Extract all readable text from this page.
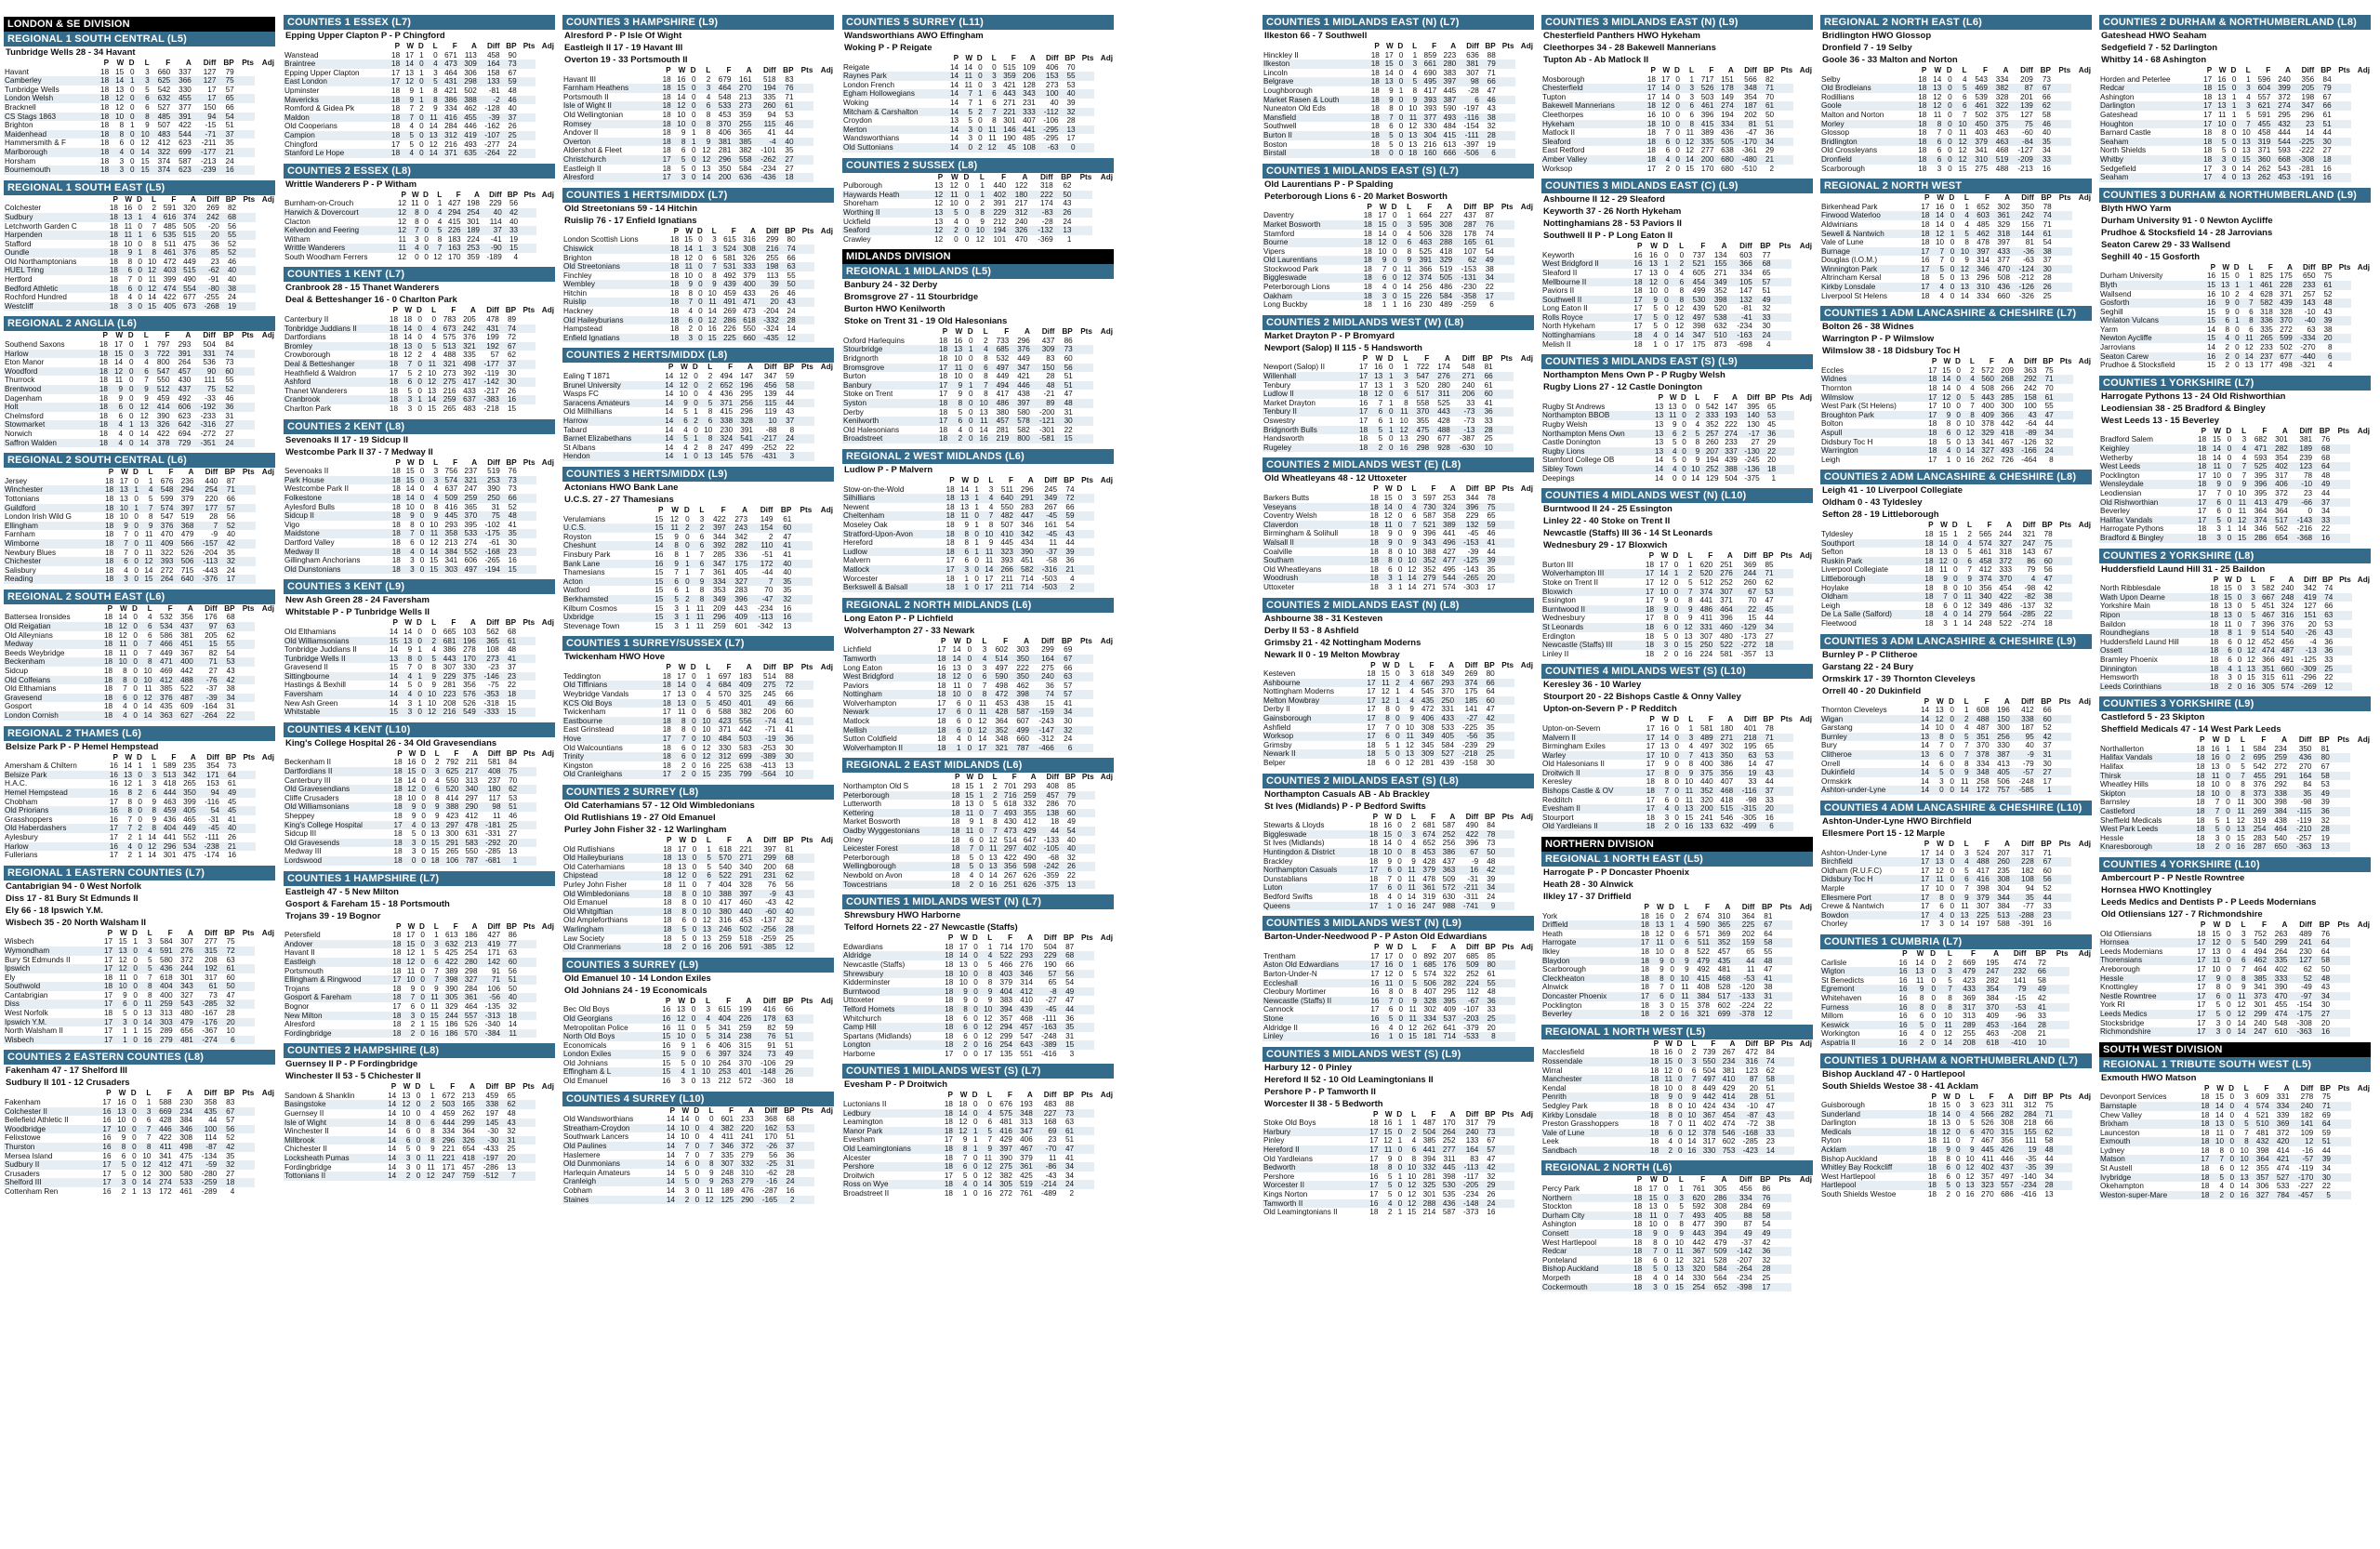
LONDON & SE DIVISION
REGIONAL 1 SOUTH CENTRAL (L5)
Tunbridge Wells 28 - 34 Havant
	P	W	D	L	F	A	Diff	BP	Pts	Adj
Havant	18	15	0	3	660	337	127	79		
Camberley	18	14	1	3	625	366	127	75		
Tunbridge Wells	18	13	0	5	542	330	17	57		
London Welsh	18	12	0	6	632	455	17	65		
Bracknell	18	12	0	6	527	377	150	66		
CS Stags 1863	18	10	0	8	485	391	94	54		
Brighton	18	8	1	9	507	422	-15	51		
Maidenhead	18	8	0	10	483	544	-71	37		
Hammersmith & F	18	6	0	12	412	623	-211	35		
Marlborough	18	4	0	14	322	699	-177	21		
Horsham	18	3	0	15	374	587	-213	24		
Bournemouth	18	3	0	15	374	623	-239	16		
REGIONAL 1 SOUTH EAST (L5)
	P	W	D	L	F	A	Diff	BP	Pts	Adj
Colchester	18	16	0	2	591	320	269	82		
Sudbury	18	13	1	4	616	374	242	68		
Letchworth Garden C	18	11	0	7	485	505	-20	56		
Harpenden	18	11	1	6	535	515	20	55		
Stafford	18	10	0	8	511	475	36	52		
Oundle	18	9	1	8	461	376	85	52		
Old Northamptonians	18	8	0	10	472	449	23	46		
HUEL Tring	18	6	0	12	403	515	-62	40		
Hertford	18	7	0	11	399	490	-91	40		
Bedford Athletic	18	6	0	12	474	554	-80	38		
Rochford Hundred	18	4	0	14	422	677	-255	24		
Westcliff	18	3	0	15	405	673	-268	19		
REGIONAL 2 ANGLIA (L6)
	P	W	D	L	F	A	Diff	BP	Pts	Adj
Southend Saxons	18	17	0	1	797	293	504	84		
Harlow	18	15	0	3	722	391	331	74		
Eton Manor	18	14	0	4	800	264	536	73		
Woodford	18	12	0	6	547	457	90	60		
Thurrock	18	11	0	7	550	430	111	55		
Brentwood	18	9	0	9	512	437	75	52		
Dagenham	18	9	0	9	459	492	-33	46		
Holt	18	6	0	12	414	606	-192	36		
Chelmsford	18	6	0	12	390	623	-233	31		
Stowmarket	18	4	1	13	326	642	-316	27		
Norwich	18	4	0	14	422	694	-272	27		
Saffron Walden	18	4	0	14	378	729	-351	24		
REGIONAL 2 SOUTH CENTRAL (L6)
	P	W	D	L	F	A	Diff	BP	Pts	Adj
Jersey	18	17	0	1	676	236	440	87		
Winchester	18	13	1	4	548	294	254	71		
Tottonians	18	13	0	5	599	379	220	66		
Guildford	18	10	1	7	574	397	177	57		
London Irish Wild G	18	10	0	8	547	519	28	56		
Ellingham	18	9	0	9	376	368	7	52		
Farnham	18	7	0	11	470	479	-9	40		
Wimborne	18	7	0	11	409	566	-157	42		
Newbury Blues	18	7	0	11	322	526	-204	35		
Chichester	18	6	0	12	393	506	-113	32		
Salisbury	18	4	0	14	272	715	-443	24		
Reading	18	3	0	15	264	640	-376	17		
REGIONAL 2 SOUTH EAST (L6)
	P	W	D	L	F	A	Diff	BP	Pts	Adj
Battersea Ironsides	18	14	0	4	532	356	176	68		
Old Reigatian	18	12	0	6	534	437	97	63		
Old Alleynians	18	12	0	6	586	381	205	62		
Medway	18	11	0	7	466	451	15	55		
Beeds Weybridge	18	11	0	7	449	367	82	54		
Beckenham	18	10	0	8	471	400	71	53		
Sidcup	18	8	0	10	469	442	27	43		
Old Colfeians	18	8	0	10	412	488	-76	42		
Old Elthamians	18	7	0	11	385	522	-37	38		
Gravesend	18	6	0	12	376	487	-39	34		
Gosport	18	4	0	14	435	609	-164	31		
London Cornish	18	4	0	14	363	627	-264	22		
REGIONAL 2 THAMES (L6)
Belsize Park P - P Hemel Hempstead
	P	W	D	L	F	A	Diff	BP	Pts	Adj
Amersham & Chiltern	16	14	1	1	589	235	354	73		
Belsize Park	16	13	0	3	513	342	171	64		
H.A.C.	16	12	1	3	418	265	153	61		
Hemel Hempstead	16	8	2	6	444	350	94	49		
Chobham	17	8	0	9	463	399	-116	45		
Old Priorians	16	8	0	8	459	405	54	45		
Grasshoppers	16	7	0	9	436	465	-31	41		
Old Haberdashers	17	7	2	8	404	449	-45	40		
Aylesbury	17	2	1	14	441	552	-111	26		
Harlow	16	4	0	12	296	534	-238	21		
Fullerians	17	2	1	14	301	475	-174	16		
REGIONAL 1 EASTERN COUNTIES (L7)
Cantabrigian 94 - 0 West Norfolk
Diss 17 - 81 Bury St Edmunds II
Ely 66 - 18 Ipswich Y.M.
Wisbech 35 - 20 North Walsham II
	P	W	D	L	F	A	Diff	BP	Pts	Adj
Wisbech	17	15	1	3	584	307	277	75		
Wymondham	17	13	0	4	591	276	315	72		
Bury St Edmunds II	17	12	0	5	580	372	208	63		
Ipswich	17	12	0	5	436	244	192	61		
Ely	18	11	0	7	618	301	317	60		
Southwold	18	10	0	8	404	343	61	50		
Cantabrigian	17	9	0	8	400	327	73	47		
Diss	17	6	0	11	259	543	-285	32		
West Norfolk	18	5	0	13	313	480	-167	28		
Ipswich Y.M.	17	3	0	14	303	479	-176	20		
North Walsham II	17	1	1	15	289	656	-367	10		
Wisbech	17	1	0	16	279	481	-274	6		
COUNTIES 2 EASTERN COUNTIES (L8)
Fakenham 47 - 17 Shelford III
Sudbury II 101 - 12 Crusaders
	P	W	D	L	F	A	Diff	BP	Pts	Adj
Fakenham	17	16	0	1	588	230	358	83		
Colchester II	16	13	0	3	669	234	435	67		
Bellefield Athletic II	16	10	0	6	428	384	44	57		
Woodbridge	17	10	0	7	446	346	100	56		
Felixstowe	16	9	0	7	422	308	114	52		
Thurston	16	8	0	8	411	498	-87	42		
Mersea Island	16	6	0	10	341	475	-134	35		
Sudbury II	17	5	0	12	412	471	-59	32		
Crusaders	17	5	0	12	300	580	-280	27		
Shelford III	17	3	0	14	274	533	-259	18		
Cottenham Ren	16	2	1	13	172	461	-289	4		
COUNTIES 1 ESSEX (L7)
Epping Upper Clapton P - P Chingford
	P	W	D	L	F	A	Diff	BP	Pts	Adj
Wanstead	18	17	1	0	671	113	458	90		
Braintree	18	14	0	4	473	309	164	73		
Epping Upper Clapton	17	13	1	3	464	306	158	67		
East London	17	12	0	5	431	298	133	59		
Upminster	18	9	1	8	421	502	-81	48		
Mavericks	18	9	1	8	386	388	-2	46		
Romford & Gidea Pk	18	7	2	9	334	462	-128	40		
Maldon	18	7	0	11	416	455	-39	37		
Old Cooperians	18	4	0	14	284	446	-162	26		
Campion	18	5	0	13	312	419	-107	25		
Chingford	17	5	0	12	216	493	-277	24		
Stanford Le Hope	18	4	0	14	371	635	-264	22		
COUNTIES 2 ESSEX (L8)
Writtle Wanderers P - P Witham
	P	W	D	L	F	A	Diff	BP	Pts	Adj
Burnham-on-Crouch	12	11	0	1	427	198	229	56		
Harwich & Dovercourt	12	8	0	4	294	254	40	42		
Clacton	12	8	0	4	415	301	114	40		
Kelvedon and Feering	12	7	0	5	226	189	37	33		
Witham	11	3	0	8	183	224	-41	19		
Writtle Wanderers	11	4	0	7	163	253	-90	15		
South Woodham Ferrers	12	0	0	12	170	359	-189	4		
COUNTIES 1 KENT (L7)
Cranbrook 28 - 15 Thanet Wanderers
Deal & Betteshanger 16 - 0 Charlton Park
	P	W	D	L	F	A	Diff	BP	Pts	Adj
Canterbury II	18	18	0	0	783	205	478	89		
Tonbridge Juddians II	18	14	0	4	673	242	431	74		
Dartfordians	18	14	0	4	575	376	199	72		
Bromley	18	13	0	5	513	321	192	67		
Crowborough	18	12	2	4	488	335	57	62		
Deal & Betteshanger	18	7	0	11	321	498	-177	37		
Heathfield & Waldron	17	5	2	10	273	392	-119	30		
Ashford	18	6	0	12	275	417	-142	30		
Thanet Wanderers	18	5	0	13	216	433	-217	26		
Cranbrook	18	3	1	14	259	637	-383	16		
Charlton Park	18	3	0	15	265	483	-218	15		
COUNTIES 2 KENT (L8)
Sevenoaks II 17 - 19 Sidcup II
Westcombe Park II 37 - 7 Medway II
	P	W	D	L	F	A	Diff	BP	Pts	Adj
Sevenoaks II	18	15	0	3	756	237	519	76		
Park House	18	15	0	3	574	321	253	73		
Westcombe Park II	18	14	0	4	637	247	390	73		
Folkestone	18	14	0	4	509	259	250	66		
Aylesford Bulls	18	10	0	8	416	365	31	52		
Sidcup II	18	9	0	9	445	370	75	48		
Vigo	18	8	0	10	293	395	-102	41		
Maidstone	18	7	0	11	358	533	-175	35		
Dartford Valley	18	6	0	12	213	274	-61	30		
Medway II	18	4	0	14	384	552	-168	23		
Gillingham Anchorians	18	3	0	15	341	606	-265	16		
Old Dunstonians	18	3	0	15	303	497	-194	15		
COUNTIES 3 KENT (L9)
New Ash Green 28 - 24 Faversham
Whitstable P - P Tunbridge Wells II
	P	W	D	L	F	A	Diff	BP	Pts	Adj
Old Elthamians	14	14	0	0	665	103	562	68		
Old Williamsonians	15	13	0	2	681	196	365	61		
Tonbridge Juddians II	14	9	1	4	386	278	108	48		
Tunbridge Wells II	13	8	0	5	443	170	273	41		
Gravesend II	15	7	0	8	307	330	-23	37		
Sittingbourne	14	4	1	9	229	375	-146	23		
Hastings & Bexhill	14	5	0	9	281	356	-75	22		
Faversham	14	4	0	10	223	576	-353	18		
New Ash Green	14	3	1	10	208	526	-318	15		
Whitstable	15	3	0	12	216	549	-333	15		
COUNTIES 4 KENT (L10)
King's College Hospital 26 - 34 Old Gravesendians
	P	W	D	L	F	A	Diff	BP	Pts	Adj
Beckenham II	18	16	0	2	792	211	581	84		
Dartfordians II	18	15	0	3	625	217	408	75		
Canterbury III	18	14	0	4	550	313	237	70		
Old Gravesendians	18	12	0	6	520	340	180	62		
Cliffe Crusaders	18	10	0	8	414	297	117	53		
Old Williamsonians	18	9	0	9	388	290	98	51		
Sheppey	18	9	0	9	423	412	11	46		
King's College Hospital	17	4	0	13	297	478	-181	25		
Sidcup III	18	5	0	13	300	631	-331	27		
Old Gravesends	18	3	0	15	291	583	-292	20		
Medway III	18	3	0	15	265	550	-285	13		
Lordswood	18	0	0	18	106	787	-681	1		
COUNTIES 1 HAMPSHIRE (L7)
Eastleigh 47 - 5 New Milton
Gosport & Fareham 15 - 18 Portsmouth
Trojans 39 - 19 Bognor
	P	W	D	L	F	A	Diff	BP	Pts	Adj
Petersfield	18	17	0	1	613	186	427	86		
Andover	18	15	0	3	632	213	419	77		
Havant II	18	12	1	5	425	254	171	63		
Eastleigh	18	12	0	6	422	280	142	60		
Portsmouth	18	11	0	7	389	298	91	56		
Ellingham & Ringwood	17	10	0	7	398	327	71	51		
Trojans	18	9	0	9	390	284	106	50		
Gosport & Fareham	18	7	0	11	305	361	-56	40		
Bognor	17	6	0	11	329	464	-135	32		
New Milton	18	3	0	15	244	557	-313	18		
Alresford	18	2	1	15	186	526	-340	14		
Fordingbridge	18	2	0	16	186	570	-384	11		
COUNTIES 2 HAMPSHIRE (L8)
Guernsey II P - P Fordingbridge
Winchester II 53 - 5 Chichester II
	P	W	D	L	F	A	Diff	BP	Pts	Adj
Sandown & Shanklin	14	13	0	1	672	213	459	65		
Basingstoke	14	12	0	2	503	165	338	62		
Guernsey II	14	10	0	4	459	262	197	48		
Isle of Wight	14	8	0	6	444	299	145	43		
Winchester II	14	6	0	8	334	364	-30	32		
Millbrook	14	6	0	8	296	326	-30	31		
Chichester II	14	5	0	9	221	654	-433	25		
Locksheath Pumas	14	3	0	11	221	418	-197	20		
Fordingbridge	14	3	0	11	171	457	-286	13		
Tottonians II	14	2	0	12	247	759	-512	7		
COUNTIES 3 HAMPSHIRE (L9)
Alresford P - P Isle Of Wight
Eastleigh II 17 - 19 Havant III
Overton 19 - 33 Portsmouth II
	P	W	D	L	F	A	Diff	BP	Pts	Adj
Havant III	18	16	0	2	679	161	518	83		
Farnham Heathens	18	15	0	3	464	270	194	76		
Portsmouth II	18	14	0	4	548	213	335	71		
Isle of Wight II	18	12	0	6	533	273	260	61		
Old Wellingtonian	18	10	0	8	453	359	94	53		
Romsey	18	10	0	8	370	255	115	46		
Andover II	18	9	1	8	406	365	41	44		
Overton	18	8	1	9	381	385	-4	40		
Aldershot & Fleet	18	6	0	12	281	382	-101	35		
Christchurch	17	5	0	12	296	558	-262	27		
Eastleigh II	18	5	0	13	350	584	-234	27		
Alresford	17	3	0	14	200	636	-436	18		
COUNTIES 1 HERTS/MIDDX (L7)
Old Streetonians 59 - 14 Hitchin
Ruislip 76 - 17 Enfield Ignatians
	P	W	D	L	F	A	Diff	BP	Pts	Adj
London Scottish Lions	18	15	0	3	615	316	299	80		
Chiswick	18	14	1	3	524	308	216	74		
Brighton	18	12	0	6	581	326	255	66		
Old Streetonians	18	11	0	7	531	333	198	63		
Finchley	18	10	0	8	492	379	113	55		
Wembley	18	9	0	9	439	400	39	50		
Hitchin	18	8	0	10	459	433	26	46		
Ruislip	18	7	0	11	491	471	20	43		
Hackney	18	4	0	14	269	473	-204	24		
Old Haileyburians	18	6	0	12	286	618	-332	28		
Hampstead	18	2	0	16	226	550	-324	14		
Enfield Ignatians	18	3	0	15	225	660	-435	12		
COUNTIES 2 HERTS/MIDDX (L8)
	P	W	D	L	F	A	Diff	BP	Pts	Adj
Ealing T 1871	14	12	0	2	494	147	347	59		
Brunel University	14	12	0	2	652	196	456	58		
Wasps FC	14	10	0	4	436	295	139	44		
Saracens Amateurs	14	9	0	5	371	256	115	44		
Old Millhillians	14	5	1	8	415	296	119	43		
Harrow	14	6	2	6	338	328	10	37		
Tabard	14	4	0	10	230	391	-88	8		
Barnet Elizabethans	14	5	1	8	324	541	-217	24		
St Albans	14	4	2	8	247	499	-252	22		
Hendon	14	1	0	13	145	576	-431	3		
COUNTIES 3 HERTS/MIDDX (L9)
Actonians HWO Bank Lane
U.C.S. 27 - 27 Thamesians
	P	W	D	L	F	A	Diff	BP	Pts	Adj
Verulamians	15	12	0	3	422	273	149	61		
U.C.S.	15	11	2	2	397	243	154	60		
Royston	15	9	0	6	344	342	2	47		
Cheshunt	14	8	0	6	392	282	110	41		
Finsbury Park	16	8	1	7	285	336	-51	41		
Bank Lane	16	9	1	6	347	175	172	40		
Thamesians	15	7	1	7	361	405	-44	40		
Acton	15	6	0	9	334	327	7	35		
Watford	15	6	1	8	353	283	70	35		
Berkhamsted	15	5	2	8	349	396	-47	32		
Kilburn Cosmos	15	3	1	11	209	443	-234	16		
Uxbridge	15	3	1	11	296	409	-113	16		
Stevenage Town	15	3	1	11	259	601	-342	13		
COUNTIES 1 SURREY/SUSSEX (L7)
Twickenham HWO Hove
	P	W	D	L	F	A	Diff	BP	Pts	Adj
Teddington	18	17	0	1	697	183	514	88		
Old Tiffinians	18	14	0	4	684	409	275	72		
Weybridge Vandals	17	13	0	4	570	325	245	66		
KCS Old Boys	18	13	0	5	450	401	49	66		
Twickenham	17	11	0	6	588	382	206	60		
Eastbourne	18	8	0	10	423	556	-74	41		
East Grinstead	18	8	0	10	371	442	-71	41		
Hove	17	7	0	10	484	503	-19	36		
Old Walcountians	18	6	0	12	330	583	-253	30		
Trinity	18	6	0	12	312	699	-389	30		
Kingston	18	2	0	16	225	638	-413	13		
Old Cranleighans	17	2	0	15	235	799	-564	10		
COUNTIES 2 SURREY (L8)
Old Caterhamians 57 - 12 Old Wimbledonians
Old Rutlishians 19 - 27 Old Emanuel
Purley John Fisher 32 - 12 Warlingham
	P	W	D	L	F	A	Diff	BP	Pts	Adj
Old Rutlishians	18	17	0	1	618	221	397	81		
Old Haileyburians	18	13	0	5	570	271	299	68		
Old Caterhamians	18	13	0	5	540	340	200	68		
Chipstead	18	12	0	6	522	291	231	62		
Purley John Fisher	18	11	0	7	404	328	76	56		
Old Wimbledonians	18	8	0	10	388	397	-9	43		
Old Emanuel	18	8	0	10	417	460	-43	42		
Old Whitgiftian	18	8	0	10	380	440	-60	40		
Old Ampleforthians	18	6	0	12	316	453	-137	32		
Warlingham	18	5	0	13	246	502	-256	28		
Law Society	18	5	0	13	259	518	-259	25		
Old Cranmerians	18	2	0	16	206	591	-385	12		
COUNTIES 3 SURREY (L9)
Old Emanuel 10 - 14 London Exiles
Old Johnians 24 - 19 Economicals
	P	W	D	L	F	A	Diff	BP	Pts	Adj
Bec Old Boys	16	13	0	3	615	199	416	66		
Old Georgians	16	12	0	4	404	226	178	63		
Metropolitan Police	16	11	0	5	341	259	82	59		
North Old Boys	15	10	0	5	314	238	76	51		
Economicals	16	9	1	6	406	315	91	51		
London Exiles	15	9	0	6	397	324	73	49		
Old Johnians	15	5	0	10	264	370	-106	29		
Effingham & L	15	4	1	10	253	401	-148	26		
Old Emanuel	16	3	0	13	212	572	-360	18		
COUNTIES 4 SURREY (L10)
	P	W	D	L	F	A	Diff	BP	Pts	Adj
Old Wandsworthians	14	14	0	0	601	233	368	68		
Streatham-Croydon	14	10	0	4	382	220	162	53		
Southwark Lancers	14	10	0	4	411	241	170	51		
Old Paulines	14	7	0	7	346	372	-26	37		
Haslemere	14	7	0	7	335	279	56	36		
Old Dunmonians	14	6	0	8	307	332	-25	31		
Harlequin Amateurs	14	5	0	9	248	310	-62	28		
Cranleigh	14	5	0	9	263	279	-16	24		
Cobham	14	3	0	11	189	476	-287	16		
Staines	14	2	0	12	125	290	-165	2		
COUNTIES 5 SURREY (L11)
Wandsworthians AWO Effingham
Woking P - P Reigate
	P	W	D	L	F	A	Diff	BP	Pts	Adj
Reigate	14	14	0	0	515	109	406	70		
Raynes Park	14	11	0	3	359	206	153	55		
London French	14	11	0	3	421	128	273	53		
Egham Hollowegians	14	7	1	6	443	343	100	40		
Woking	14	7	1	6	271	231	40	39		
Mitcham & Carshalton	14	5	2	7	221	333	-112	32		
Croydon	13	5	0	8	301	407	-106	28		
Merton	14	3	0	11	146	441	-295	13		
Wandsworthians	14	3	0	11	190	485	-295	17		
Old Suttonians	14	0	2	12	45	108	-63	0		
COUNTIES 2 SUSSEX (L8)
	P	W	D	L	F	A	Diff	BP	Pts	Adj
Pulborough	13	12	0	1	440	122	318	62		
Haywards Heath	12	11	0	1	402	180	222	50		
Shoreham	12	10	0	2	391	217	174	43		
Worthing II	13	5	0	8	229	312	-83	26		
Uckfield	13	4	0	9	212	240	-28	24		
Seaford	12	2	0	10	194	326	-132	13		
Crawley	12	0	0	12	101	470	-369	1		
MIDLANDS DIVISION
REGIONAL 1 MIDLANDS (L5)
Banbury 24 - 32 Derby
Bromsgrove 27 - 11 Stourbridge
Burton HWO Kenilworth
Stoke on Trent 31 - 19 Old Halesonians
	P	W	D	L	F	A	Diff	BP	Pts	Adj
Oxford Harlequins	18	16	0	2	733	296	437	86		
Stourbridge	18	13	1	4	685	376	309	73		
Bridgnorth	18	10	0	8	532	449	83	60		
Bromsgrove	17	11	0	6	497	347	150	56		
Burton	18	10	0	8	449	421	28	51		
Banbury	17	9	1	7	494	446	48	51		
Stoke on Trent	17	9	0	8	417	438	-21	47		
Syston	18	8	0	10	486	397	89	48		
Derby	18	5	0	13	380	580	-200	31		
Kenilworth	17	6	0	11	457	578	-121	30		
Old Halesonians	18	4	0	14	281	582	-301	22		
Broadstreet	18	2	0	16	219	800	-581	15		
REGIONAL 2 WEST MIDLANDS (L6)
Ludlow P - P Malvern
	P	W	D	L	F	A	Diff	BP	Pts	Adj
Stow-on-the-Wold	18	14	1	3	511	296	245	74		
Silhillians	18	13	1	4	640	291	349	72		
Newent	18	13	1	4	550	283	267	66		
Cheltenham	18	11	0	7	482	447	-45	59		
Moseley Oak	18	9	1	8	507	346	161	54		
Stratford-Upon-Avon	18	8	0	10	410	342	-45	43		
Hereford	18	8	1	9	445	434	11	44		
Ludlow	18	6	1	11	323	390	-37	39		
Malvern	17	6	0	11	393	451	-58	36		
Matlock	17	3	0	14	266	582	-316	21		
Worcester	18	1	0	17	211	714	-503	4		
Berkswell & Balsall	18	1	0	17	211	714	-503	2		
REGIONAL 2 NORTH MIDLANDS (L6)
Long Eaton P - P Lichfield
Wolverhampton 27 - 33 Newark
	P	W	D	L	F	A	Diff	BP	Pts	Adj
Lichfield	17	14	0	3	602	303	299	69		
Tamworth	18	14	0	4	514	350	164	67		
Long Eaton	16	13	0	3	497	222	275	66		
West Bridgford	18	12	0	6	590	350	240	63		
Paviors	18	11	0	7	498	462	36	57		
Nottingham	18	10	0	8	472	398	74	57		
Wolverhampton	17	6	0	11	453	438	15	41		
Newark	17	6	0	11	428	587	-159	34		
Matlock	18	6	0	12	364	607	-243	30		
Mellish	18	6	0	12	352	499	-147	32		
Sutton Coldfield	18	4	0	14	348	660	-312	24		
Wolverhampton II	18	1	0	17	321	787	-466	6		
REGIONAL 2 EAST MIDLANDS (L6)
	P	W	D	L	F	A	Diff	BP	Pts	Adj
Northampton Old S	18	15	1	2	701	293	408	85		
Peterborough	18	15	1	2	716	259	457	79		
Lutterworth	18	13	0	5	618	332	286	70		
Kettering	18	11	0	7	493	355	138	60		
Market Bosworth	18	9	1	8	430	412	18	49		
Oadby Wyggestonians	18	11	0	7	473	429	44	54		
Olney	18	6	0	12	514	647	-133	40		
Leicester Forest	18	7	0	11	297	402	-105	40		
Peterborough	18	5	0	13	422	490	-68	32		
Wellingborough	18	5	0	13	356	598	-242	26		
Newbold on Avon	18	4	0	14	267	626	-359	22		
Towcestrians	18	2	0	16	251	626	-375	13		
COUNTIES 1 MIDLANDS WEST (N) (L7)
Shrewsbury HWO Harborne
Telford Hornets 22 - 27 Newcastle (Staffs)
	P	W	D	L	F	A	Diff	BP	Pts	Adj
Edwardians	18	17	0	1	714	170	504	87		
Aldridge	18	14	0	4	522	293	229	68		
Newcastle (Staffs)	18	13	0	5	466	276	190	66		
Shrewsbury	18	10	0	8	403	346	57	56		
Kidderminster	18	10	0	8	379	314	65	54		
Burntwood	18	9	0	9	404	412	-8	49		
Uttoxeter	18	9	0	9	383	410	-27	47		
Telford Hornets	18	8	0	10	394	439	-45	44		
Whitchurch	18	6	0	12	357	468	-111	36		
Camp Hill	18	6	0	12	294	457	-163	35		
Spartans (Midlands)	18	6	0	12	299	547	-248	31		
Longton	18	2	0	16	254	643	-389	15		
Harborne	17	0	0	17	135	551	-416	3		
COUNTIES 1 MIDLANDS WEST (S) (L7)
Evesham P - P Droitwich
	P	W	D	L	F	A	Diff	BP	Pts	Adj
Luctonians II	18	18	0	0	676	193	483	88		
Ledbury	18	14	0	4	575	348	227	73		
Leamington	18	12	0	6	481	313	168	63		
Manor Park	18	12	1	5	416	347	69	61		
Evesham	17	9	1	7	429	406	23	51		
Old Leamingtonians	18	8	1	9	397	467	-70	47		
Alcester	18	7	0	11	390	379	11	41		
Pershore	18	6	0	12	275	361	-86	34		
Droitwich	17	5	0	12	382	425	-43	34		
Ross on Wye	18	4	0	14	305	519	-214	24		
Broadstreet II	18	1	0	16	272	761	-489	2		
COUNTIES 1 MIDLANDS EAST (N) (L7)
Ilkeston 66 - 7 Southwell
	P	W	D	L	F	A	Diff	BP	Pts	Adj
Hinckley II	18	17	0	1	859	223	636	88		
Ilkeston	18	15	0	3	661	280	381	79		
Lincoln	18	14	0	4	690	383	307	71		
Belgrave	18	13	0	5	495	397	98	66		
Loughborough	18	9	1	8	417	445	-28	47		
Market Rasen & Louth	18	9	0	9	393	387	6	46		
Nuneaton Old Eds	18	8	0	10	393	590	-197	43		
Mansfield	18	7	0	11	377	493	-116	38		
Southwell	18	6	0	12	330	484	-154	32		
Burton II	18	5	0	13	304	415	-111	28		
Boston	18	5	0	13	216	613	-397	19		
Birstall	18	0	0	18	160	666	-506	6		
COUNTIES 1 MIDLANDS EAST (S) (L7)
Old Laurentians P - P Spalding
Peterborough Lions 6 - 20 Market Bosworth
	P	W	D	L	F	A	Diff	BP	Pts	Adj
Daventry	18	17	0	1	664	227	437	87		
Market Bosworth	18	15	0	3	595	308	287	76		
Stamford	18	14	0	4	506	328	178	74		
Bourne	18	12	0	6	463	288	165	61		
Vipers	18	10	0	8	525	418	107	54		
Old Laurentians	18	9	0	9	391	329	62	49		
Stockwood Park	18	7	0	11	366	519	-153	38		
Biggleswade	18	6	0	12	374	505	-131	34		
Peterborough Lions	18	4	0	14	256	486	-230	22		
Oakham	18	3	0	15	226	584	-358	17		
Long Buckby	18	1	1	16	230	489	-259	6		
COUNTIES 2 MIDLANDS WEST (W) (L8)
Market Drayton P - P Bromyard
Newport (Salop) II 115 - 5 Handsworth
	P	W	D	L	F	A	Diff	BP	Pts	Adj
Newport (Salop) II	17	16	0	1	722	174	548	81		
Willenhall	17	13	1	3	547	276	271	66		
Tenbury	17	13	1	3	520	280	240	61		
Ludlow II	18	12	0	6	517	311	206	60		
Market Drayton	16	7	1	8	558	525	33	41		
Tenbury II	17	6	0	11	370	443	-73	36		
Oswestry	17	6	1	10	355	428	-73	33		
Bridgnorth Bulls	18	5	1	12	475	488	-13	28		
Handsworth	18	5	0	13	290	677	-387	25		
Rugeley	18	2	0	16	298	928	-630	10		
COUNTIES 2 MIDLANDS WEST (E) (L8)
Old Wheatleyans 48 - 12 Uttoxeter
	P	W	D	L	F	A	Diff	BP	Pts	Adj
Barkers Butts	18	15	0	3	597	253	344	78		
Veseyans	18	14	0	4	730	324	396	75		
Coventry Welsh	18	12	0	6	587	358	229	65		
Claverdon	18	11	0	7	521	389	132	59		
Birmingham & Solihull	18	9	0	9	396	441	-45	46		
Walsall II	18	9	0	9	343	496	-153	41		
Coalville	18	8	0	10	388	427	-39	44		
Southam	18	8	0	10	352	477	-125	39		
Old Wheatleyans	18	6	0	12	352	495	-143	35		
Woodrush	18	3	1	14	279	544	-265	20		
Uttoxeter	18	3	1	14	271	574	-303	17		
COUNTIES 2 MIDLANDS EAST (N) (L8)
Ashbourne 38 - 31 Kesteven
Derby II 53 - 8 Ashfield
Grimsby 21 - 42 Nottingham Moderns
Newark II 0 - 19 Melton Mowbray
	P	W	D	L	F	A	Diff	BP	Pts	Adj
Kesteven	18	15	0	3	618	349	269	80		
Ashbourne	17	11	2	4	667	293	374	66		
Nottingham Moderns	17	12	1	4	545	370	175	64		
Melton Mowbray	17	12	1	4	435	250	185	60		
Derby II	17	8	0	9	472	331	141	47		
Gainsborough	17	8	0	9	406	433	-27	42		
Ashfield	17	7	0	10	308	533	-225	35		
Worksop	17	6	0	11	349	405	-56	35		
Grimsby	18	5	1	12	345	584	-239	29		
Newark II	18	5	0	13	309	527	-218	25		
Belper	18	6	0	12	281	439	-158	30		
COUNTIES 2 MIDLANDS EAST (S) (L8)
Northampton Casuals AB - Ab Brackley
St Ives (Midlands) P - P Bedford Swifts
	P	W	D	L	F	A	Diff	BP	Pts	Adj
Stewarts & Lloyds	18	16	0	2	681	587	490	84		
Biggleswade	18	15	0	3	674	252	422	78		
St Ives (Midlands)	18	14	0	4	652	256	396	73		
Huntingdon & District	18	10	0	8	453	386	67	50		
Brackley	18	9	0	9	428	437	-9	48		
Northampton Casuals	17	6	0	11	379	363	16	42		
Dunstablians	18	7	0	11	478	509	-31	39		
Luton	17	6	0	11	361	572	-211	34		
Bedford Swifts	18	4	0	14	319	630	-311	24		
Queens	17	1	0	16	247	988	-741	9		
COUNTIES 3 MIDLANDS WEST (N) (L9)
Barton-Under-Needwood P - P Aston Old Edwardians
	P	W	D	L	F	A	Diff	BP	Pts	Adj
Trentham	17	17	0	0	892	207	685	85		
Aston Old Edwardians	17	16	0	1	685	176	509	80		
Barton-Under-N	17	12	0	5	574	322	252	61		
Eccleshall	16	11	0	5	506	282	224	55		
Cleobury Mortimer	16	8	0	8	407	295	112	48		
Newcastle (Staffs) II	16	7	0	9	328	395	-67	36		
Cannock	17	6	0	11	302	409	-107	33		
Stone	16	5	0	11	334	537	-203	25		
Aldridge II	16	4	0	12	262	641	-379	20		
Linley	16	1	0	15	181	714	-533	8		
COUNTIES 3 MIDLANDS WEST (S) (L9)
Harbury 12 - 0 Pinley
Hereford II 52 - 10 Old Leamingtonians II
Pershore P - P Tamworth II
Worcester II 38 - 5 Bedworth
	P	W	D	L	F	A	Diff	BP	Pts	Adj
Stoke Old Boys	18	16	1	1	487	170	317	79		
Harbury	17	15	0	2	504	264	240	73		
Pinley	17	12	1	4	385	252	133	67		
Hereford II	17	11	0	6	441	277	164	57		
Old Yardleians	17	9	0	8	394	311	83	47		
Bedworth	18	8	0	10	332	445	-113	42		
Pershore	16	5	1	10	281	398	-117	32		
Worcester II	17	5	0	12	325	530	-205	29		
Kings Norton	17	5	0	12	301	535	-234	26		
Tamworth II	16	4	0	12	288	436	-148	24		
Old Leamingtonians II	18	2	1	15	214	587	-373	16		
COUNTIES 3 MIDLANDS EAST (N) (L9)
Chesterfield Panthers HWO Hykeham
Cleethorpes 34 - 28 Bakewell Mannerians
Tupton Ab - Ab Matlock II
	P	W	D	L	F	A	Diff	BP	Pts	Adj
Mosborough	18	17	0	1	717	151	566	82		
Chesterfield	17	14	0	3	526	178	348	71		
Tupton	17	14	0	3	503	149	354	70		
Bakewell Mannerians	18	12	0	6	461	274	187	61		
Cleethorpes	16	10	0	6	396	194	202	50		
Hykeham	18	10	0	8	415	334	81	51		
Matlock II	18	7	0	11	389	436	-47	36		
Sleaford	18	6	0	12	335	505	-170	34		
East Retford	18	6	0	12	277	638	-361	29		
Amber Valley	18	4	0	14	200	680	-480	21		
Worksop	17	2	0	15	170	680	-510	2		
COUNTIES 3 MIDLANDS EAST (C) (L9)
Ashbourne II 12 - 29 Sleaford
Keyworth 37 - 26 North Hykeham
Nottinghamians 28 - 53 Paviors II
Southwell II P - P Long Eaton II
	P	W	D	L	F	A	Diff	BP	Pts	Adj
Keyworth	16	16	0	0	737	134	603	77		
West Bridgford II	16	13	1	2	521	155	366	68		
Sleaford II	17	13	0	4	605	271	334	65		
Mellbourne II	18	12	0	6	454	349	105	57		
Paviors II	18	10	0	8	499	352	147	51		
Southwell II	17	9	0	8	530	398	132	49		
Long Eaton II	17	5	0	12	439	520	-81	32		
Rolls Royce	17	5	0	12	497	538	-41	33		
North Hykeham	17	5	0	12	398	632	-234	30		
Nottinghamians	18	4	0	14	347	510	-163	24		
Melish II	18	1	0	17	175	873	-698	4		
COUNTIES 3 MIDLANDS EAST (S) (L9)
Northampton Mens Own P - P Rugby Welsh
Rugby Lions 27 - 12 Castle Donington
	P	W	D	L	F	A	Diff	BP	Pts	Adj
Rugby St Andrews	13	13	0	0	542	147	395	65		
Northampton BBOB	13	11	0	2	333	193	140	53		
Rugby Welsh	13	9	0	4	352	222	130	45		
Northampton Mens Own	13	6	2	5	257	274	-17	36		
Castle Donington	13	5	0	8	260	233	27	29		
Rugby Lions	13	4	0	9	207	337	-130	22		
Stamford College OB	14	5	0	9	194	439	-245	20		
Sibley Town	14	4	0	10	252	388	-136	18		
Deepings	14	0	0	14	129	504	-375	1		
COUNTIES 4 MIDLANDS WEST (N) (L10)
Burntwood II 24 - 25 Essington
Linley 22 - 40 Stoke on Trent II
Newcastle (Staffs) III 36 - 14 St Leonards
Wednesbury 29 - 17 Bloxwich
	P	W	D	L	F	A	Diff	BP	Pts	Adj
Burton III	18	17	0	1	620	251	369	85		
Wolverhampton III	17	14	1	2	520	276	244	71		
Stoke on Trent II	17	12	0	5	512	252	260	62		
Bloxwich	17	10	0	7	374	307	67	53		
Essington	17	9	0	8	441	371	70	47		
Burntwood II	18	9	0	9	486	464	22	45		
Wednesbury	17	8	0	9	411	396	15	44		
St Leonards	18	6	0	12	331	460	-129	34		
Erdington	18	5	0	13	307	480	-173	27		
Newcastle (Staffs) III	18	3	0	15	250	522	-272	18		
Linley II	18	2	0	16	224	581	-357	13		
COUNTIES 4 MIDLANDS WEST (S) (L10)
Keresley 36 - 10 Warley
Stourport 20 - 22 Bishops Castle & Onny Valley
Upton-on-Severn P - P Redditch
	P	W	D	L	F	A	Diff	BP	Pts	Adj
Upton-on-Severn	17	16	0	1	581	180	401	78		
Malvern II	17	14	0	3	489	271	218	71		
Birmingham Exiles	17	13	0	4	497	302	195	65		
Warley	17	10	0	7	413	350	63	53		
Old Halesonians II	17	9	0	8	400	386	14	47		
Droitwich II	17	8	0	9	375	356	19	43		
Keresley	18	8	0	10	440	407	33	44		
Bishops Castle & OV	18	7	0	11	352	468	-116	37		
Redditch	17	6	0	11	320	418	-98	33		
Evesham II	17	4	0	13	200	515	-315	20		
Stourport	18	3	0	15	241	546	-305	16		
Old Yardleians II	18	2	0	16	133	632	-499	6		
NORTHERN DIVISION
REGIONAL 1 NORTH EAST (L5)
Harrogate P - P Doncaster Phoenix
Heath 28 - 30 Alnwick
Ilkley 17 - 37 Driffield
	P	W	D	L	F	A	Diff	BP	Pts	Adj
York	18	16	0	2	674	310	364	81		
Driffield	18	13	1	4	590	365	225	67		
Heath	18	12	0	6	571	369	202	64		
Harrogate	17	11	0	6	511	352	159	58		
Ilkley	18	10	0	8	522	457	65	55		
Blaydon	18	9	0	9	479	435	44	48		
Scarborough	18	9	0	9	492	481	11	47		
Cleckheaton	18	8	0	10	415	468	-53	41		
Alnwick	18	7	0	11	408	528	-120	38		
Doncaster Phoenix	17	6	0	11	384	517	-133	31		
Pocklington	18	3	0	15	378	602	-224	22		
Beverley	18	2	0	16	321	699	-378	12		
REGIONAL 1 NORTH WEST (L5)
	P	W	D	L	F	A	Diff	BP	Pts	Adj
Macclesfield	18	16	0	2	739	267	472	84		
Rossendale	18	15	0	3	550	234	316	74		
Wirral	18	12	0	6	504	381	123	62		
Manchester	18	11	0	7	497	410	87	58		
Kendal	18	10	0	8	449	429	20	51		
Penrith	18	9	0	9	442	414	28	51		
Sedgley Park	18	8	0	10	424	434	-10	47		
Kirkby Lonsdale	18	8	0	10	367	454	-87	43		
Preston Grasshoppers	18	7	0	11	402	474	-72	38		
Vale of Lune	18	6	0	12	378	546	-168	33		
Leek	18	4	0	14	317	602	-285	23		
Sandbach	18	2	0	16	330	753	-423	14		
REGIONAL 2 NORTH (L6)
	P	W	D	L	F	A	Diff	BP	Pts	Adj
Percy Park	18	17	0	1	761	305	456	86		
Northern	18	15	0	3	620	286	334	76		
Stockton	18	13	0	5	592	308	284	69		
Durham City	18	11	0	7	493	405	88	58		
Ashington	18	10	0	8	477	390	87	54		
Consett	18	9	0	9	443	394	49	49		
West Hartlepool	18	8	0	10	442	479	-37	42		
Redcar	18	7	0	11	367	509	-142	36		
Ponteland	18	6	0	12	321	528	-207	32		
Bishop Auckland	18	5	0	13	320	584	-264	28		
Morpeth	18	4	0	14	330	564	-234	25		
Cockermouth	18	3	0	15	254	652	-398	17		
REGIONAL 2 NORTH EAST (L6)
Bridlington HWO Glossop
Dronfield 7 - 19 Selby
Goole 36 - 33 Malton and Norton
	P	W	D	L	F	A	Diff	BP	Pts	Adj
Selby	18	14	0	4	543	334	209	73		
Old Brodleians	18	13	0	5	469	382	87	67		
Rodillians	18	12	0	6	539	328	201	66		
Goole	18	12	0	6	461	322	139	62		
Malton and Norton	18	11	0	7	502	375	127	58		
Morley	18	8	0	10	450	375	75	46		
Glossop	18	7	0	11	403	463	-60	40		
Bridlington	18	6	0	12	379	463	-84	35		
Old Crossleyans	18	6	0	12	341	468	-127	34		
Dronfield	18	6	0	12	310	519	-209	33		
Scarborough	18	3	0	15	275	488	-213	16		
REGIONAL 2 NORTH WEST
	P	W	D	L	F	A	Diff	BP	Pts	Adj
Birkenhead Park	17	16	0	1	652	302	350	78		
Firwood Waterloo	18	14	0	4	603	361	242	74		
Aldwinians	18	14	0	4	485	329	156	71		
Sewell & Nantwich	18	12	1	5	462	318	144	61		
Vale of Lune	18	10	0	8	478	397	81	54		
Burnage	17	7	0	10	397	433	-36	38		
Douglas (I.O.M.)	16	7	0	9	314	377	-63	37		
Winnington Park	17	5	0	12	346	470	-124	30		
Altrincham Kersal	18	5	0	13	296	508	-212	28		
Kirkby Lonsdale	17	4	0	13	310	436	-126	26		
Liverpool St Helens	18	4	0	14	334	660	-326	25		
COUNTIES 1 ADM LANCASHIRE & CHESHIRE (L7)
Bolton 26 - 38 Widnes
Warrington P - P Wilmslow
Wilmslow 38 - 18 Didsbury Toc H
	P	W	D	L	F	A	Diff	BP	Pts	Adj
Eccles	17	15	0	2	572	209	363	75		
Widnes	18	14	0	4	560	268	292	71		
Thornton	18	14	0	4	508	266	242	70		
Wilmslow	17	12	0	5	443	285	158	61		
West Park (St Helens)	17	10	0	7	400	300	100	55		
Broughton Park	17	9	0	8	409	366	43	47		
Bolton	18	8	0	10	378	442	-64	44		
Aspull	18	6	0	12	329	418	-89	34		
Didsbury Toc H	18	5	0	13	341	467	-126	32		
Warrington	18	4	0	14	327	493	-166	24		
Leigh	17	1	0	16	262	726	-464	8		
COUNTIES 2 ADM LANCASHIRE & CHESHIRE (L8)
Leigh 41 - 10 Liverpool Collegiate
Oldham 0 - 43 Tyldesley
Sefton 28 - 19 Littleborough
	P	W	D	L	F	A	Diff	BP	Pts	Adj
Tyldesley	18	15	1	2	565	244	321	78		
Southport	18	14	0	4	574	327	247	75		
Sefton	18	13	0	5	461	318	143	67		
Ruskin Park	18	12	0	6	458	372	86	60		
Liverpool Collegiate	18	11	0	7	412	333	79	56		
Littleborough	18	9	0	9	374	370	4	47		
Hoylake	18	8	0	10	356	454	-98	42		
Oldham	18	7	0	11	340	422	-82	38		
Leigh	18	6	0	12	349	486	-137	32		
De La Salle (Salford)	18	4	0	14	279	564	-285	22		
Fleetwood	18	3	1	14	248	522	-274	18		
COUNTIES 3 ADM LANCASHIRE & CHESHIRE (L9)
Burnley P - P Clitheroe
Garstang 22 - 24 Bury
Ormskirk 17 - 39 Thornton Cleveleys
Orrell 40 - 20 Dukinfield
	P	W	D	L	F	A	Diff	BP	Pts	Adj
Thornton Cleveleys	14	13	0	1	608	196	412	66		
Wigan	14	12	0	2	488	150	338	60		
Garstang	14	10	0	4	487	300	187	52		
Burnley	13	8	0	5	351	256	95	42		
Bury	14	7	0	7	370	330	40	37		
Clitheroe	13	6	0	7	378	387	-9	31		
Orrell	14	6	0	8	334	413	-79	30		
Dukinfield	14	5	0	9	348	405	-57	27		
Ormskirk	14	3	0	11	258	506	-248	17		
Ashton-under-Lyne	14	0	0	14	172	757	-585	1		
COUNTIES 4 ADM LANCASHIRE & CHESHIRE (L10)
Ashton-Under-Lyne HWO Birchfield
Ellesmere Port 15 - 12 Marple
	P	W	D	L	F	A	Diff	BP	Pts	Adj
Ashton-Under-Lyne	17	14	0	3	524	207	317	71		
Birchfield	17	13	0	4	488	260	228	67		
Oldham (R.U.F.C)	17	12	0	5	417	235	182	60		
Didsbury Toc H	17	11	0	6	416	308	108	56		
Marple	17	10	0	7	398	304	94	52		
Ellesmere Port	17	8	0	9	379	344	35	44		
Crewe & Nantwich	17	6	0	11	307	384	-77	33		
Bowdon	17	4	0	13	225	513	-288	23		
Chorley	17	3	0	14	197	588	-391	16		
COUNTIES 1 CUMBRIA (L7)
	P	W	D	L	F	A	Diff	BP	Pts	Adj
Carlisle	16	14	0	2	669	195	474	72		
Wigton	16	13	0	3	479	247	232	66		
St Benedicts	16	11	0	5	423	282	141	58		
Egremont	16	9	0	7	433	354	79	49		
Whitehaven	16	8	0	8	369	384	-15	42		
Furness	16	8	0	8	317	370	-53	41		
Millom	16	6	0	10	313	409	-96	33		
Keswick	16	5	0	11	289	453	-164	28		
Workington	16	4	0	12	255	463	-208	21		
Aspatria II	16	2	0	14	208	618	-410	10		
COUNTIES 1 DURHAM & NORTHUMBERLAND (L7)
Bishop Auckland 47 - 0 Hartlepool
South Shields Westoe 38 - 41 Acklam
	P	W	D	L	F	A	Diff	BP	Pts	Adj
Guisborough	18	15	0	3	623	311	312	75		
Sunderland	18	14	0	4	566	282	284	71		
Darlington	18	13	0	5	526	308	218	66		
Medicals	18	12	0	6	470	315	155	62		
Ryton	18	11	0	7	467	356	111	58		
Acklam	18	9	0	9	445	426	19	48		
Bishop Auckland	18	8	0	10	411	446	-35	44		
Whitley Bay Rockcliff	18	6	0	12	402	437	-35	39		
West Hartlepool	18	6	0	12	357	497	-140	34		
Hartlepool	18	5	0	13	323	557	-234	28		
South Shields Westoe	18	2	0	16	270	686	-416	13		
COUNTIES 2 DURHAM & NORTHUMBERLAND (L8)
Gateshead HWO Seaham
Sedgefield 7 - 52 Darlington
Whitby 14 - 68 Ashington
	P	W	D	L	F	A	Diff	BP	Pts	Adj
Horden and Peterlee	17	16	0	1	596	240	356	84		
Redcar	18	15	0	3	604	399	205	79		
Ashington	18	13	1	4	557	372	198	67		
Darlington	17	13	1	3	621	274	347	66		
Gateshead	17	11	1	5	591	295	296	61		
Houghton	17	10	0	7	455	432	23	51		
Barnard Castle	18	8	0	10	458	444	14	44		
Seaham	18	5	0	13	319	544	-225	30		
North Shields	18	5	0	13	371	593	-222	27		
Whitby	18	3	0	15	360	668	-308	18		
Sedgefield	17	3	0	14	262	543	-281	16		
Seaham	17	4	0	13	262	453	-191	16		
COUNTIES 3 DURHAM & NORTHUMBERLAND (L9)
Blyth HWO Yarm
Durham University 91 - 0 Newton Aycliffe
Prudhoe & Stocksfield 14 - 28 Jarrovians
Seaton Carew 29 - 33 Wallsend
Seghill 40 - 15 Gosforth
	P	W	D	L	F	A	Diff	BP	Pts	Adj
Durham University	16	15	0	1	825	175	650	75		
Blyth	15	13	1	1	461	228	233	61		
Wallsend	16	10	2	4	628	371	257	52		
Gosforth	16	9	0	7	582	439	143	48		
Seghill	15	9	0	6	318	328	-10	43		
Winlaton Vulcans	15	6	1	8	336	370	-40	39		
Yarm	14	8	0	6	335	272	63	38		
Newton Aycliffe	15	4	0	11	265	599	-334	20		
Jarrovians	14	2	0	12	233	502	-270	8		
Seaton Carew	16	2	0	14	237	677	-440	6		
Prudhoe & Stocksfield	15	2	0	13	177	498	-321	4		
COUNTIES 1 YORKSHIRE (L7)
Harrogate Pythons 13 - 24 Old Rishworthian
Leodiensian 38 - 25 Bradford & Bingley
West Leeds 13 - 15 Beverley
	P	W	D	L	F	A	Diff	BP	Pts	Adj
Bradford Salem	18	15	0	3	682	301	381	76		
Keighley	18	14	0	4	471	282	189	68		
Wetherby	18	14	0	4	593	354	239	68		
West Leeds	18	11	0	7	525	402	123	64		
Pocklington	17	10	0	7	395	317	78	48		
Wensleydale	18	9	0	9	396	406	-10	49		
Leodiensian	17	7	0	10	395	372	23	44		
Old Rishworthian	17	6	0	11	413	479	-66	37		
Beverley	17	6	0	11	364	364	0	34		
Halifax Vandals	17	5	0	12	374	517	-143	33		
Harrogate Pythons	18	3	1	14	346	562	-216	22		
Bradford & Bingley	18	3	0	15	286	654	-368	16		
COUNTIES 2 YORKSHIRE (L8)
Huddersfield Laund Hill 31 - 25 Baildon
	P	W	D	L	F	A	Diff	BP	Pts	Adj
North Ribblesdale	18	15	0	3	582	240	342	74		
Wath Upon Dearne	18	15	0	3	667	248	419	74		
Yorkshire Main	18	13	0	5	451	324	127	66		
Ripon	18	13	0	5	467	316	151	63		
Baildon	18	11	0	7	396	376	20	53		
Roundhegians	18	8	1	9	514	540	-26	43		
Huddersfield Laund Hill	18	6	0	12	452	456	-4	36		
Ossett	18	6	0	12	474	487	-13	36		
Bramley Phoenix	18	6	0	12	366	491	-125	33		
Dinnington	18	4	1	13	351	660	-309	25		
Hemsworth	18	3	0	15	315	611	-296	22		
Leeds Corinthians	18	2	0	16	305	574	-269	12		
COUNTIES 3 YORKSHIRE (L9)
Castleford 5 - 23 Skipton
Sheffield Medicals 47 - 14 West Park Leeds
	P	W	D	L	F	A	Diff	BP	Pts	Adj
Northallerton	18	16	1	1	584	234	350	81		
Halifax Vandals	18	16	0	2	695	259	436	80		
Halifax	18	13	0	5	542	272	270	67		
Thirsk	18	11	0	7	455	291	164	58		
Wheatley Hills	18	10	0	8	376	292	84	53		
Skipton	18	10	0	8	373	338	35	49		
Barnsley	18	7	0	11	300	398	-98	39		
Castleford	18	7	0	11	269	384	-115	36		
Sheffield Medicals	18	5	1	12	319	438	-119	32		
West Park Leeds	18	5	0	13	254	464	-210	28		
Hessle	18	3	0	15	283	540	-257	19		
Knaresborough	18	2	0	16	287	650	-363	13		
COUNTIES 4 YORKSHIRE (L10)
Ambercourt P - P Nestle Rowntree
Hornsea HWO Knottingley
Leeds Medics and Dentists P - P Leeds Modernians
Old Otliensians 127 - 7 Richmondshire
	P	W	D	L	F	A	Diff	BP	Pts	Adj
Old Otliensians	18	15	0	3	752	263	489	76		
Hornsea	17	12	0	5	540	299	241	64		
Leeds Modernians	17	13	0	4	494	264	230	64		
Thorensians	17	11	0	6	462	335	127	58		
Areborough	17	10	0	7	464	402	62	50		
Hessle	17	9	0	8	385	333	52	48		
Knottingley	17	8	0	9	341	390	-49	43		
Nestle Rowntree	17	6	0	11	373	470	-97	34		
York RI	17	5	0	12	301	455	-154	30		
Leeds Medics	17	5	0	12	299	474	-175	27		
Stocksbridge	17	3	0	14	240	548	-308	20		
Richmondshire	17	3	0	14	247	610	-363	16		
SOUTH WEST DIVISION
REGIONAL 1 TRIBUTE SOUTH WEST (L5)
Exmouth HWO Matson
	P	W	D	L	F	A	Diff	BP	Pts	Adj
Devonport Services	18	15	0	3	609	331	278	75		
Barnstaple	18	14	0	4	574	334	240	71		
Chew Valley	18	14	0	4	521	339	182	69		
Brixham	18	13	0	5	510	369	141	64		
Launceston	18	11	0	7	481	372	109	59		
Exmouth	18	10	0	8	432	420	12	51		
Lydney	18	8	0	10	398	414	-16	44		
Matson	17	7	0	10	364	421	-57	39		
St Austell	18	6	0	12	355	474	-119	34		
Ivybridge	18	5	0	13	357	527	-170	30		
Okehampton	18	4	0	14	306	533	-227	22		
Weston-super-Mare	18	2	0	16	327	784	-457	5		
